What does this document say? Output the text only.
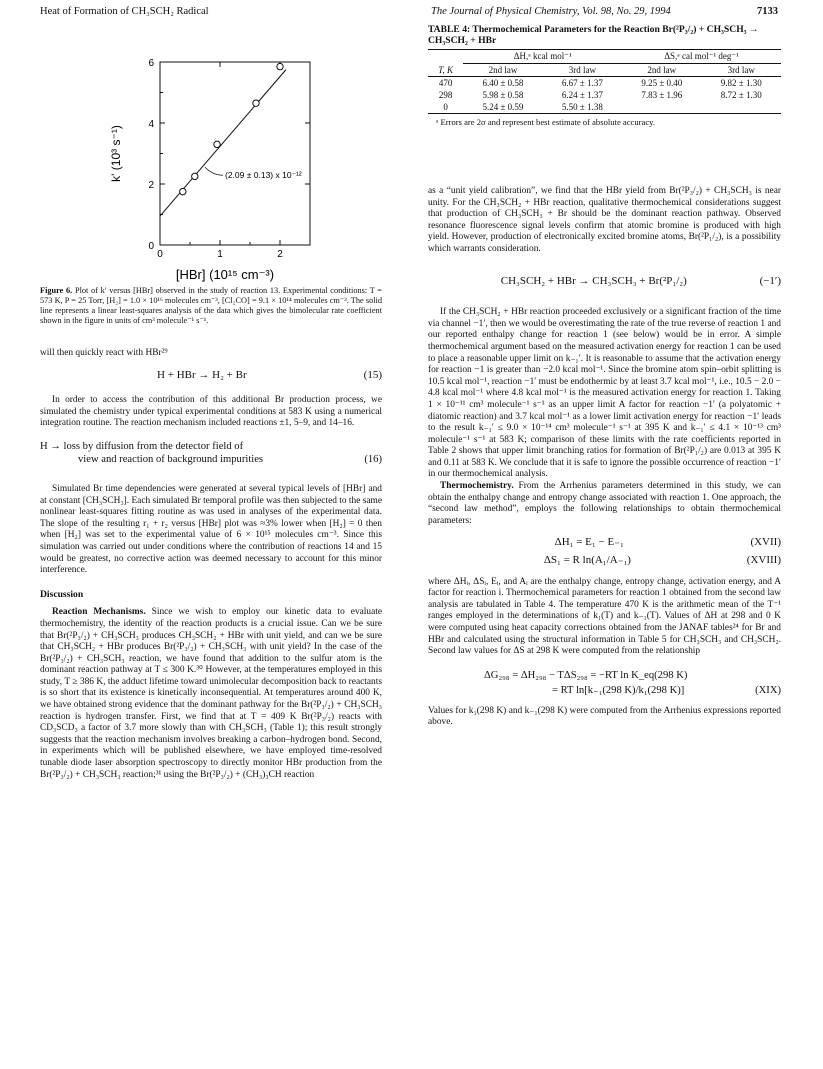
Heat of Formation of CH₃SCH₂ Radical	The Journal of Physical Chemistry, Vol. 98, No. 29, 1994	7133
0
2
4
6
0	1	2
[HBr] (10¹⁵ cm⁻³)
k' (10³ s⁻¹)	(2.09 ± 0.13) x 10⁻¹²
Figure 6. Plot of k′ versus [HBr] observed in the study of reaction 13. Experimental conditions: T = 573 K, P = 25 Torr, [H₂] = 1.0 × 10¹⁶ molecules cm⁻³, [Cl₂CO] = 9.1 × 10¹⁴ molecules cm⁻³. The solid line represents a linear least-squares analysis of the data which gives the bimolecular rate coefficient shown in the figure in units of cm³ molecule⁻¹ s⁻¹.

will then quickly react with HBr²⁹

H + HBr → H₂ + Br	(15)

In order to access the contribution of this additional Br production process, we simulated the chemistry under typical experimental conditions at 583 K using a numerical integration routine. The reaction mechanism included reactions ±1, 5–9, and 14–16.

H → loss by diffusion from the detector field of
view and reaction of background impurities	(16)

Simulated Br time dependencies were generated at several typical levels of [HBr] and at constant [CH₃SCH₃]. Each simulated Br temporal profile was then subjected to the same nonlinear least-squares fitting routine as was used in analyses of the experimental data. The slope of the resulting r₁ + r₂ versus [HBr] plot was ≈3% lower when [H₂] = 0 then when [H₂] was set to the experimental value of 6 × 10¹⁵ molecules cm⁻³. Since this simulation was carried out under conditions where the contribution of reactions 14 and 15 would be greatest, no corrective action was deemed necessary to account for this minor interference.

Discussion

Reaction Mechanisms. Since we wish to employ our kinetic data to evaluate thermochemistry, the identity of the reaction products is a crucial issue. Can we be sure that Br(²P₃/₂) + CH₃SCH₃ produces CH₃SCH₂ + HBr with unit yield, and can we be sure that CH₃SCH₂ + HBr produces Br(²P₃/₂) + CH₃SCH₃ with unit yield? In the case of the Br(²P₃/₂) + CH₃SCH₃ reaction, we have found that addition to the sulfur atom is the dominant reaction pathway at T ≤ 300 K.³⁰ However, at the temperatures employed in this study, T ≥ 386 K, the adduct lifetime toward unimolecular decomposition back to reactants is so short that its existence is kinetically inconsequential. At temperatures around 400 K, we have obtained strong evidence that the dominant pathway for the Br(²P₃/₂) + CH₃SCH₃ reaction is hydrogen transfer. First, we find that at T = 409 K Br(²P₃/₂) reacts with CD₃SCD₃ a factor of 3.7 more slowly than with CH₃SCH₃ (Table 1); this result strongly suggests that the reaction mechanism involves breaking a carbon–hydrogen bond. Second, in experiments which will be published elsewhere, we have employed time-resolved tunable diode laser absorption spectroscopy to directly monitor HBr production from the Br(²P₃/₂) + CH₃SCH₃ reaction;³¹ using the Br(²P₃/₂) + (CH₃)₃CH reaction

TABLE 4: Thermochemical Parameters for the Reaction Br(²P₃/₂) + CH₃SCH₃ → CH₃SCH₂ + HBr
	ΔH,ᵃ kcal mol⁻¹		ΔS,ᵃ cal mol⁻¹ deg⁻¹	
T, K	2nd law	3rd law	2nd law	3rd law
470	6.40 ± 0.58	6.67 ± 1.37	9.25 ± 0.40	9.82 ± 1.30
298	5.98 ± 0.58	6.24 ± 1.37	7.83 ± 1.96	8.72 ± 1.30
0	5.24 ± 0.59	5.50 ± 1.38		
ᵃ Errors are 2σ and represent best estimate of absolute accuracy.

as a “unit yield calibration”, we find that the HBr yield from Br(²P₃/₂) + CH₃SCH₃ is near unity. For the CH₃SCH₂ + HBr reaction, qualitative thermochemical considerations suggest that production of CH₃SCH₃ + Br should be the dominant reaction pathway. Observed resonance fluorescence signal levels confirm that atomic bromine is produced with high yield. However, production of electronically excited bromine atoms, Br(²P₁/₂), is a possibility which warrants consideration.

CH₃SCH₂ + HBr → CH₃SCH₃ + Br(²P₁/₂)	(−1′)

If the CH₃SCH₂ + HBr reaction proceeded exclusively or a significant fraction of the time via channel −1′, then we would be overestimating the rate of the true reverse of reaction 1 and our reported enthalpy change for reaction 1 (see below) would be in error. A simple thermochemical argument based on the measured activation energy for reaction 1 can be used to place a reasonable upper limit on k₋₁′. It is reasonable to assume that the activation energy for reaction −1 is greater than −2.0 kcal mol⁻¹. Since the bromine atom spin–orbit splitting is 10.5 kcal mol⁻¹, reaction −1′ must be endothermic by at least 3.7 kcal mol⁻¹, i.e., 10.5 − 2.0 − 4.8 kcal mol⁻¹ where 4.8 kcal mol⁻¹ is the measured activation energy for reaction 1. Taking 1 × 10⁻¹¹ cm³ molecule⁻¹ s⁻¹ as an upper limit A factor for reaction −1′ (a polyatomic + diatomic reaction) and 3.7 kcal mol⁻¹ as a lower limit activation energy for reaction −1′ leads to the result k₋₁′ ≤ 9.0 × 10⁻¹⁴ cm³ molecule⁻¹ s⁻¹ at 395 K and k₋₁′ ≤ 4.1 × 10⁻¹³ cm³ molecule⁻¹ s⁻¹ at 583 K; comparison of these limits with the rate coefficients reported in Table 2 shows that upper limit branching ratios for formation of Br(²P₁/₂) are 0.013 at 395 K and 0.11 at 583 K. We conclude that it is safe to ignore the possible occurrence of reaction −1′ in our thermochemical analysis.

Thermochemistry. From the Arrhenius parameters determined in this study, we can obtain the enthalpy change and entropy change associated with reaction 1. One approach, the “second law method”, employs the following relationships to obtain thermochemical parameters:

ΔH₁ = E₁ − E₋₁	(XVII)
ΔS₁ = R ln(A₁/A₋₁)	(XVIII)

where ΔHᵢ, ΔSᵢ, Eᵢ, and Aᵢ are the enthalpy change, entropy change, activation energy, and A factor for reaction i. Thermochemical parameters for reaction 1 obtained from the second law analysis are tabulated in Table 4. The temperature 470 K is the arithmetic mean of the T⁻¹ ranges employed in the determinations of k₁(T) and k₋₁(T). Values of ΔH at 298 and 0 K were computed using heat capacity corrections obtained from the JANAF tables²⁴ for Br and HBr and calculated using the structural information in Table 5 for CH₃SCH₃ and CH₃SCH₂. Second law values for ΔS at 298 K were computed from the relationship

ΔG₂₉₈ = ΔH₂₉₈ − TΔS₂₉₈ = −RT ln K_eq(298 K)
= RT ln[k₋₁(298 K)/k₁(298 K)]	(XIX)

Values for k₁(298 K) and k₋₁(298 K) were computed from the Arrhenius expressions reported above.
